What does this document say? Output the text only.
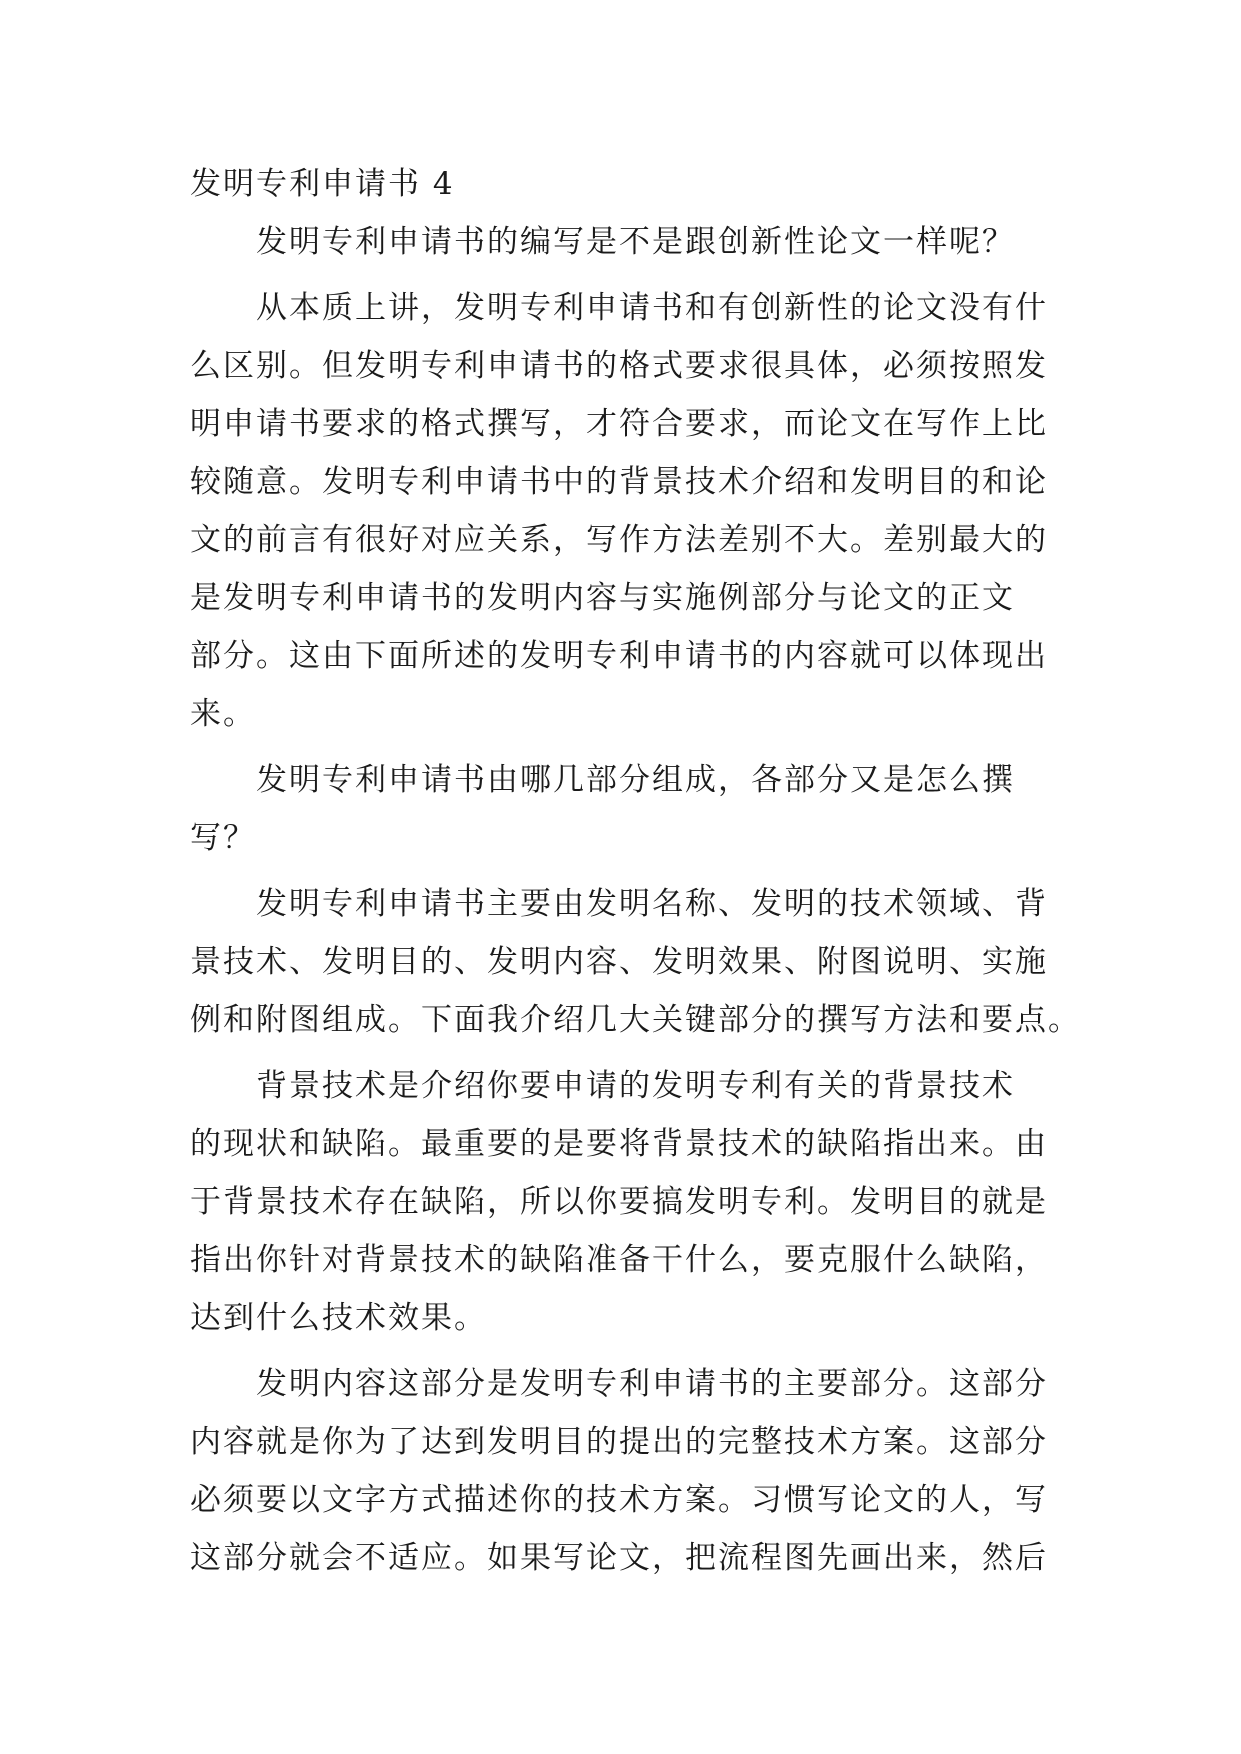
发明专利申请书 4
发明专利申请书的编写是不是跟创新性论文一样呢？
从本质上讲，发明专利申请书和有创新性的论文没有什
么区别。但发明专利申请书的格式要求很具体，必须按照发
明申请书要求的格式撰写，才符合要求，而论文在写作上比
较随意。发明专利申请书中的背景技术介绍和发明目的和论
文的前言有很好对应关系，写作方法差别不大。差别最大的
是发明专利申请书的发明内容与实施例部分与论文的正文
部分。这由下面所述的发明专利申请书的内容就可以体现出
来。
发明专利申请书由哪几部分组成，各部分又是怎么撰
写？
发明专利申请书主要由发明名称、发明的技术领域、背
景技术、发明目的、发明内容、发明效果、附图说明、实施
例和附图组成。下面我介绍几大关键部分的撰写方法和要点。
背景技术是介绍你要申请的发明专利有关的背景技术
的现状和缺陷。最重要的是要将背景技术的缺陷指出来。由
于背景技术存在缺陷，所以你要搞发明专利。发明目的就是
指出你针对背景技术的缺陷准备干什么，要克服什么缺陷，
达到什么技术效果。
发明内容这部分是发明专利申请书的主要部分。这部分
内容就是你为了达到发明目的提出的完整技术方案。这部分
必须要以文字方式描述你的技术方案。习惯写论文的人，写
这部分就会不适应。如果写论文，把流程图先画出来，然后
